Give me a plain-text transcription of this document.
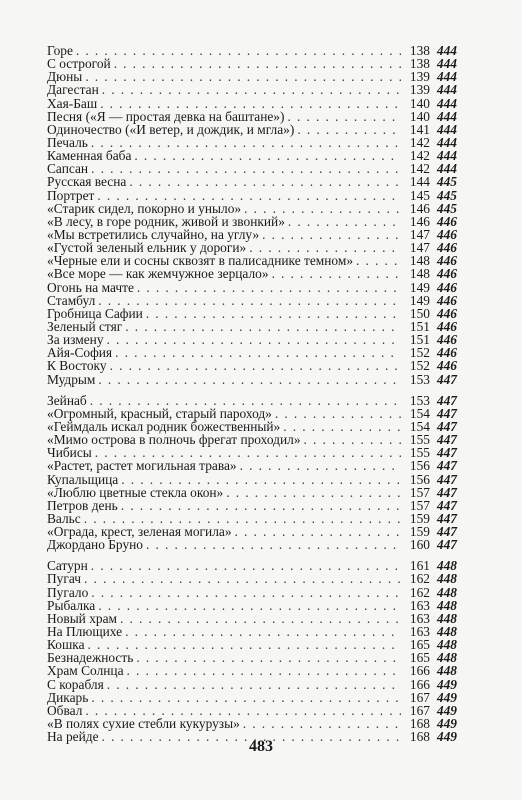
Горе . . .	138 444
С острогой . . .	138 444
Дюны . . .	139 444
Дагестан . . .	139 444
Хая-Баш . . .	140 444
Песня («Я — простая девка на баштане») . . .	140 444
Одиночество («И ветер, и дождик, и мгла») . . .	141 444
Печаль . . .	142 444
Каменная баба . . .	142 444
Сапсан . . .	142 444
Русская весна . . .	144 445
Портрет . . .	145 445
«Старик сидел, покорно и уныло» . . .	146 445
«В лесу, в горе родник, живой и звонкий» . . .	146 446
«Мы встретились случайно, на углу» . . .	147 446
«Густой зеленый ельник у дороги» . . .	147 446
«Черные ели и сосны сквозят в палисаднике темном» . . .	148 446
«Все море — как жемчужное зерцало» . . .	148 446
Огонь на мачте . . .	149 446
Стамбул . . .	149 446
Гробница Сафии . . .	150 446
Зеленый стяг . . .	151 446
За измену . . .	151 446
Айя-София . . .	152 446
К Востоку . . .	152 446
Мудрым . . .	153 447
Зейнаб . . .	153 447
«Огромный, красный, старый пароход» . . .	154 447
«Геймдаль искал родник божественный» . . .	154 447
«Мимо острова в полночь фрегат проходил» . . .	155 447
Чибисы . . .	155 447
«Растет, растет могильная трава» . . .	156 447
Купальщица . . .	156 447
«Люблю цветные стекла окон» . . .	157 447
Петров день . . .	157 447
Вальс . . .	159 447
«Ограда, крест, зеленая могила» . . .	159 447
Джордано Бруно . . .	160 447
Сатурн . . .	161 448
Пугач . . .	162 448
Пугало . . .	162 448
Рыбалка . . .	163 448
Новый храм . . .	163 448
На Плющихе . . .	163 448
Кошка . . .	165 448
Безнадежность . . .	165 448
Храм Солнца . . .	166 448
С корабля . . .	166 449
Дикарь . . .	167 449
Обвал . . .	167 449
«В полях сухие стебли кукурузы» . . .	168 449
На рейде . . .	168 449
483
